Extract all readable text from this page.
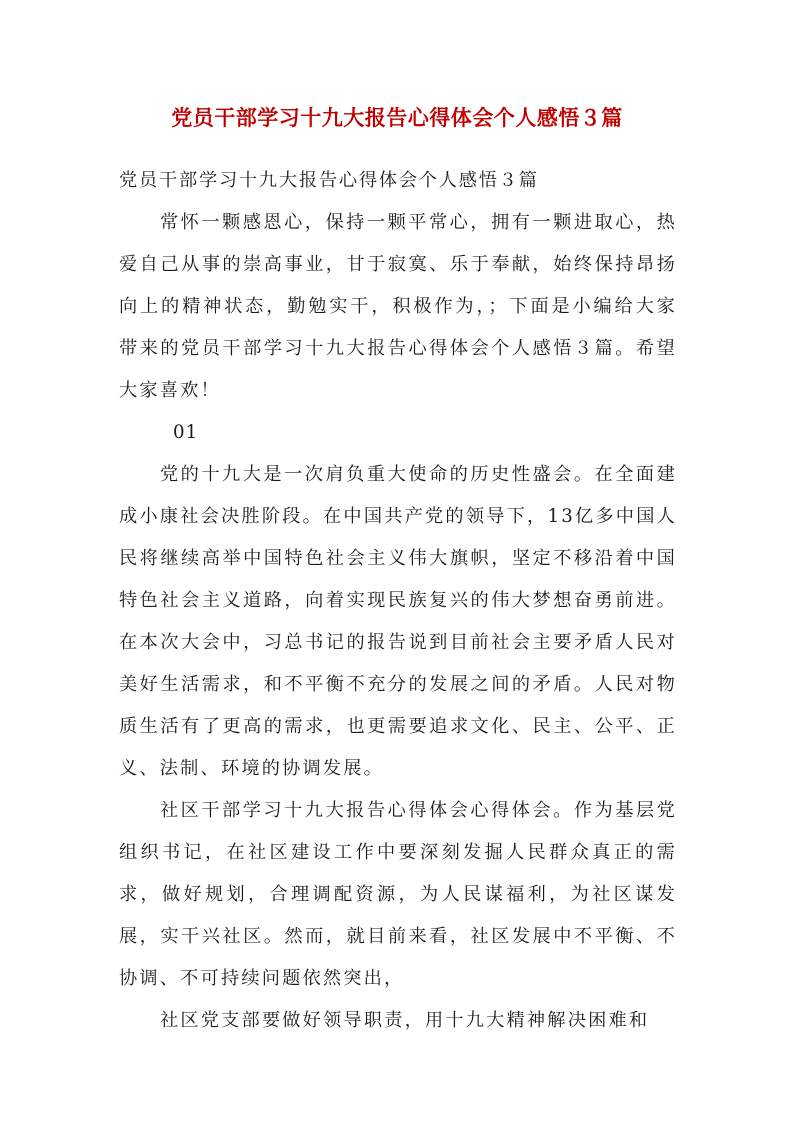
党员干部学习十九大报告心得体会个人感悟３篇

党员干部学习十九大报告心得体会个人感悟３篇

常怀一颗感恩心，保持一颗平常心，拥有一颗进取心，热爱自己从事的崇高事业，甘于寂寞、乐于奉献，始终保持昂扬向上的精神状态，勤勉实干，积极作为，；下面是小编给大家带来的党员干部学习十九大报告心得体会个人感悟３篇。希望大家喜欢！

01

党的十九大是一次肩负重大使命的历史性盛会。在全面建成小康社会决胜阶段。在中国共产党的领导下，13亿多中国人民将继续高举中国特色社会主义伟大旗帜，坚定不移沿着中国特色社会主义道路，向着实现民族复兴的伟大梦想奋勇前进。在本次大会中，习总书记的报告说到目前社会主要矛盾人民对美好生活需求，和不平衡不充分的发展之间的矛盾。人民对物质生活有了更高的需求，也更需要追求文化、民主、公平、正义、法制、环境的协调发展。

社区干部学习十九大报告心得体会心得体会。作为基层党组织书记，在社区建设工作中要深刻发掘人民群众真正的需求，做好规划，合理调配资源，为人民谋福利，为社区谋发展，实干兴社区。然而，就目前来看，社区发展中不平衡、不协调、不可持续问题依然突出，

社区党支部要做好领导职责，用十九大精神解决困难和
